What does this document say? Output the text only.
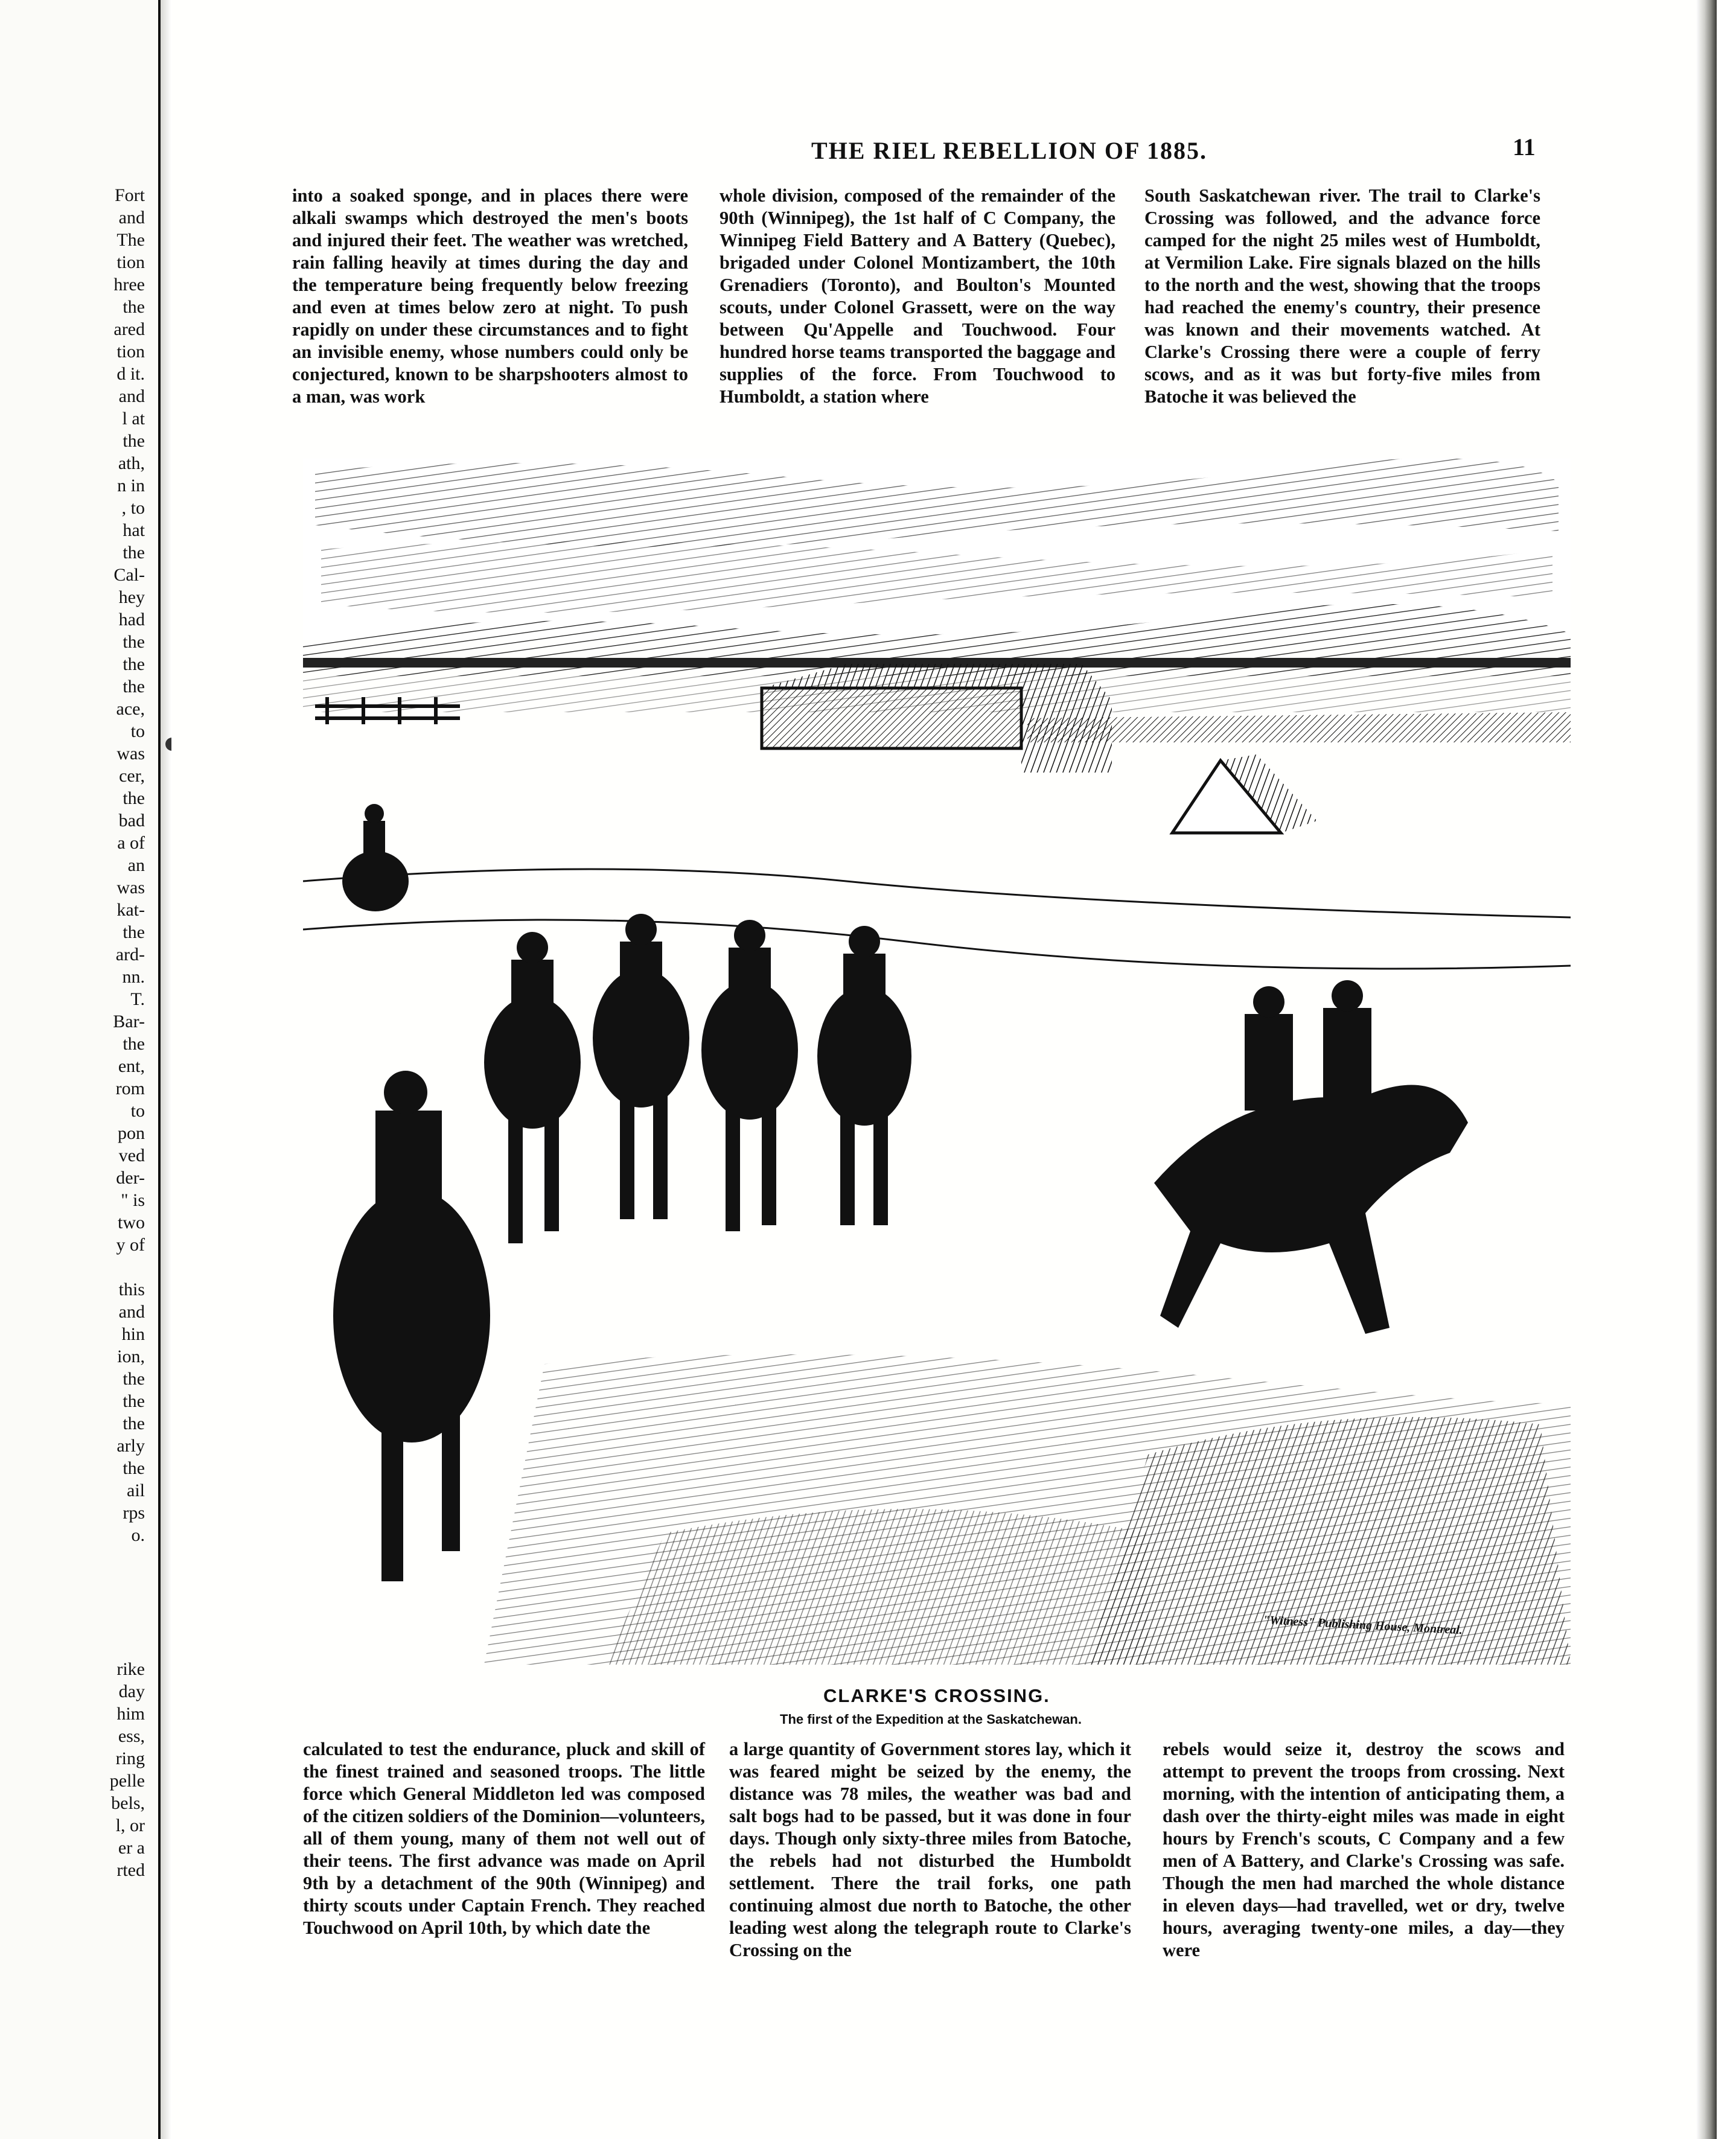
Fort
and
The
tion
hree
the
ared
tion
d it.
and
l at
the
ath,
n in
, to
hat
the
Cal-
hey
had
the
the
the
ace,
to
was
cer,
the
bad
a of
an
was
kat-
the
ard-
nn.
T.
Bar-
the
ent,
rom
to
pon
ved
der-
" is
two
y of
this
and
hin
ion,
the
the
the
arly
the
ail
rps
o.
rike
day
him
ess,
ring
pelle
bels,
l, or
er a
rted
THE RIEL REBELLION OF 1885.	11

into a soaked sponge, and in places there were alkali swamps which destroyed the men's boots and injured their feet. The weather was wretched, rain falling heavily at times during the day and the temperature being frequently below freezing and even at times below zero at night. To push rapidly on under these circumstances and to fight an invisible enemy, whose numbers could only be conjectured, known to be sharpshooters almost to a man, was work

whole division, composed of the remainder of the 90th (Winnipeg), the 1st half of C Company, the Winnipeg Field Battery and A Battery (Quebec), brigaded under Colonel Montizambert, the 10th Grenadiers (Toronto), and Boulton's Mounted scouts, under Colonel Grassett, were on the way between Qu'Appelle and Touchwood. Four hundred horse teams transported the baggage and supplies of the force. From Touchwood to Humboldt, a station where

South Saskatchewan river. The trail to Clarke's Crossing was followed, and the advance force camped for the night 25 miles west of Humboldt, at Vermilion Lake. Fire signals blazed on the hills to the north and the west, showing that the troops had reached the enemy's country, their presence was known and their movements watched. At Clarke's Crossing there were a couple of ferry scows, and as it was but forty-five miles from Batoche it was believed the

"Witness" Publishing House, Montreal.
CLARKE'S CROSSING.
The first of the Expedition at the Saskatchewan.

calculated to test the endurance, pluck and skill of the finest trained and seasoned troops. The little force which General Middleton led was composed of the citizen soldiers of the Dominion—volunteers, all of them young, many of them not well out of their teens. The first advance was made on April 9th by a detachment of the 90th (Winnipeg) and thirty scouts under Captain French. They reached Touchwood on April 10th, by which date the

a large quantity of Government stores lay, which it was feared might be seized by the enemy, the distance was 78 miles, the weather was bad and salt bogs had to be passed, but it was done in four days. Though only sixty-three miles from Batoche, the rebels had not disturbed the Humboldt settlement. There the trail forks, one path continuing almost due north to Batoche, the other leading west along the telegraph route to Clarke's Crossing on the

rebels would seize it, destroy the scows and attempt to prevent the troops from crossing. Next morning, with the intention of anticipating them, a dash over the thirty-eight miles was made in eight hours by French's scouts, C Company and a few men of A Battery, and Clarke's Crossing was safe. Though the men had marched the whole distance in eleven days—had travelled, wet or dry, twelve hours, averaging twenty-one miles, a day—they were
